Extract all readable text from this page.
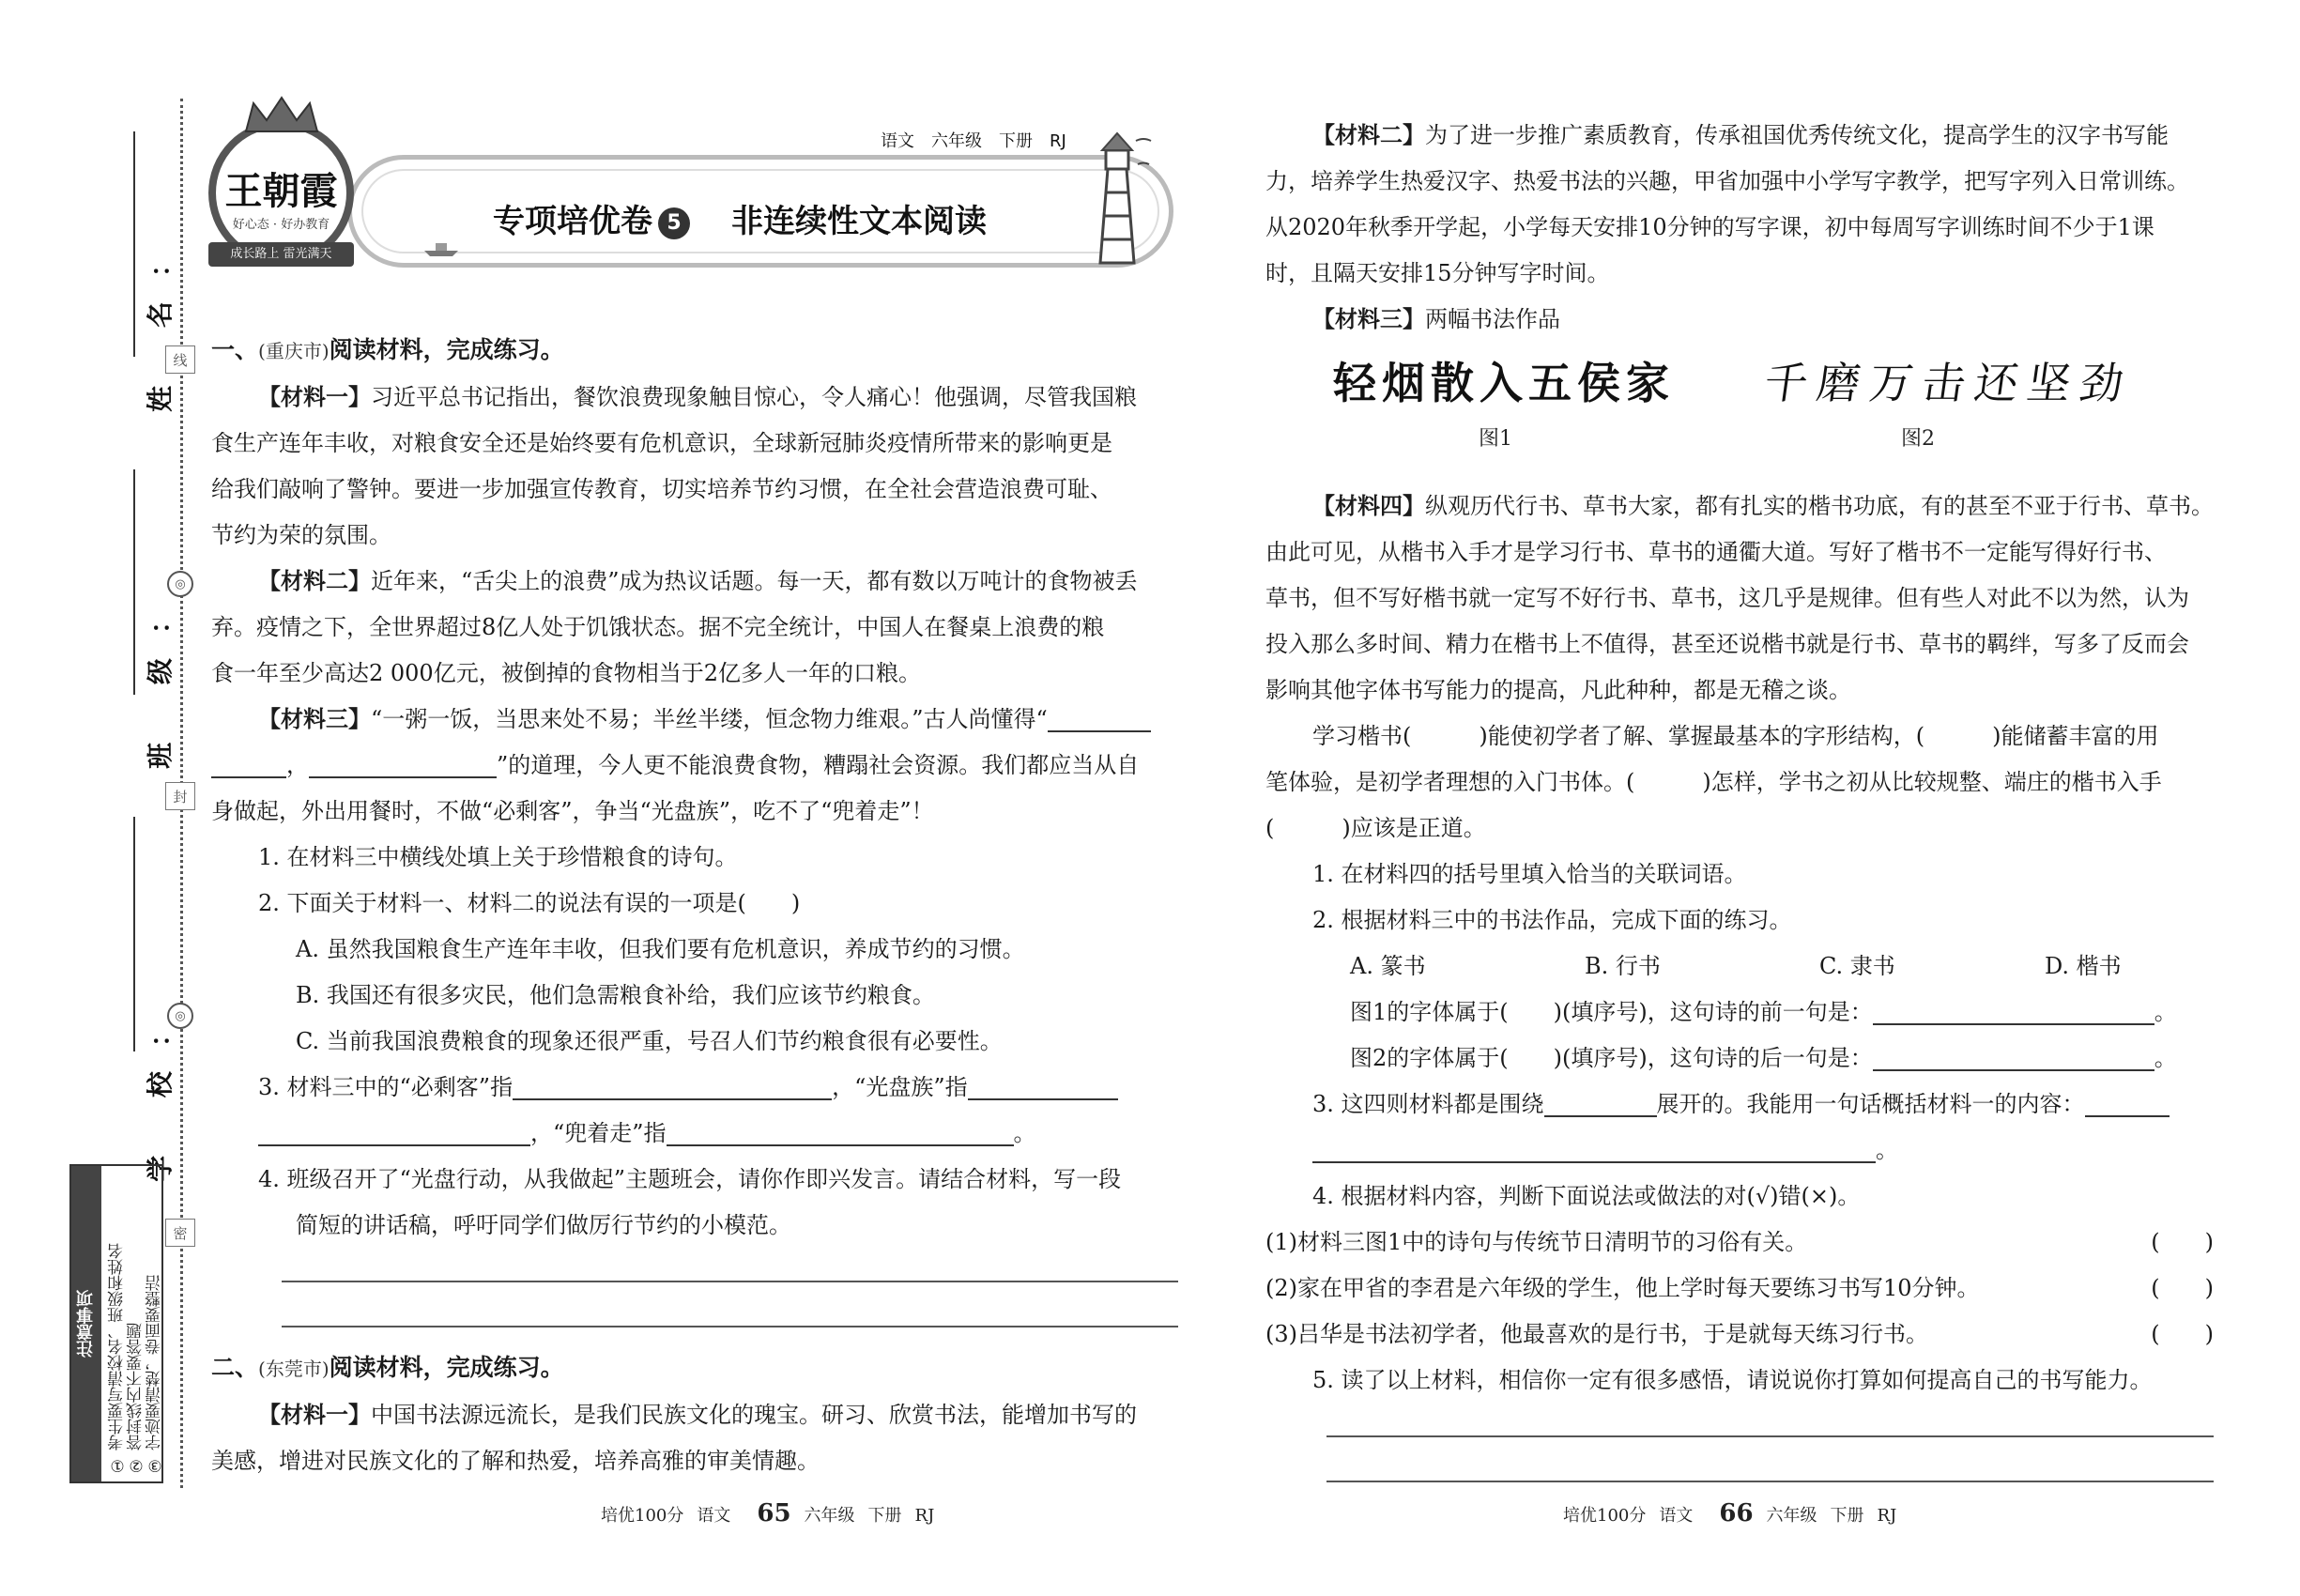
线
◎
封
◎
密
姓 名：
班 级：
学 校：
注意事项 ① 考生要写清校名、班级和姓名 ② 答封线内不要答题 ③ 字迹要清楚，卷面要整洁
专项培优卷 5 非连续性文本阅读
语文 六年级 下册 RJ
王朝霞
好心态 · 好办教育
成长路上 雷光满天
一、(重庆市)阅读材料，完成练习。
【材料一】习近平总书记指出，餐饮浪费现象触目惊心，令人痛心！他强调，尽管我国粮
食生产连年丰收，对粮食安全还是始终要有危机意识，全球新冠肺炎疫情所带来的影响更是
给我们敲响了警钟。要进一步加强宣传教育，切实培养节约习惯，在全社会营造浪费可耻、
节约为荣的氛围。
【材料二】近年来，“舌尖上的浪费”成为热议话题。每一天，都有数以万吨计的食物被丢
弃。疫情之下，全世界超过8亿人处于饥饿状态。据不完全统计，中国人在餐桌上浪费的粮
食一年至少高达2 000亿元，被倒掉的食物相当于2亿多人一年的口粮。
【材料三】“一粥一饭，当思来处不易；半丝半缕，恒念物力维艰。”古人尚懂得“
，	”的道理，今人更不能浪费食物，糟蹋社会资源。我们都应当从自
身做起，外出用餐时，不做“必剩客”，争当“光盘族”，吃不了“兜着走”！
1. 在材料三中横线处填上关于珍惜粮食的诗句。
2. 下面关于材料一、材料二的说法有误的一项是(　　)
A. 虽然我国粮食生产连年丰收，但我们要有危机意识，养成节约的习惯。
B. 我国还有很多灾民，他们急需粮食补给，我们应该节约粮食。
C. 当前我国浪费粮食的现象还很严重，号召人们节约粮食很有必要性。
3. 材料三中的“必剩客”指	，“光盘族”指
，“兜着走”指	。
4. 班级召开了“光盘行动，从我做起”主题班会，请你作即兴发言。请结合材料，写一段
简短的讲话稿，呼吁同学们做厉行节约的小模范。
二、(东莞市)阅读材料，完成练习。
【材料一】中国书法源远流长，是我们民族文化的瑰宝。研习、欣赏书法，能增加书写的
美感，增进对民族文化的了解和热爱，培养高雅的审美情趣。
【材料二】为了进一步推广素质教育，传承祖国优秀传统文化，提高学生的汉字书写能
力，培养学生热爱汉字、热爱书法的兴趣，甲省加强中小学写字教学，把写字列入日常训练。
从2020年秋季开学起，小学每天安排10分钟的写字课，初中每周写字训练时间不少于1课
时，且隔天安排15分钟写字时间。
【材料三】两幅书法作品
【材料四】纵观历代行书、草书大家，都有扎实的楷书功底，有的甚至不亚于行书、草书。
由此可见，从楷书入手才是学习行书、草书的通衢大道。写好了楷书不一定能写得好行书、
草书，但不写好楷书就一定写不好行书、草书，这几乎是规律。但有些人对此不以为然，认为
投入那么多时间、精力在楷书上不值得，甚至还说楷书就是行书、草书的羁绊，写多了反而会
影响其他字体书写能力的提高，凡此种种，都是无稽之谈。
学习楷书(　　　)能使初学者了解、掌握最基本的字形结构，(　　　)能储蓄丰富的用
笔体验，是初学者理想的入门书体。(　　　)怎样，学书之初从比较规整、端庄的楷书入手
(　　　)应该是正道。
1. 在材料四的括号里填入恰当的关联词语。
2. 根据材料三中的书法作品，完成下面的练习。
A. 篆书	B. 行书	C. 隶书	D. 楷书
图1的字体属于(　　)(填序号)，这句诗的前一句是：	。
图2的字体属于(　　)(填序号)，这句诗的后一句是：	。
3. 这四则材料都是围绕	展开的。我能用一句话概括材料一的内容：
。
4. 根据材料内容，判断下面说法或做法的对(√)错(×)。
(1)材料三图1中的诗句与传统节日清明节的习俗有关。	(　　)
(2)家在甲省的李君是六年级的学生，他上学时每天要练习书写10分钟。	(　　)
(3)吕华是书法初学者，他最喜欢的是行书，于是就每天练习行书。	(　　)
5. 读了以上材料，相信你一定有很多感悟，请说说你打算如何提高自己的书写能力。
轻烟散入五侯家 千磨万击还坚劲
图1	图2
培优100分 语文 65 六年级 下册 RJ	培优100分 语文 66 六年级 下册 RJ
